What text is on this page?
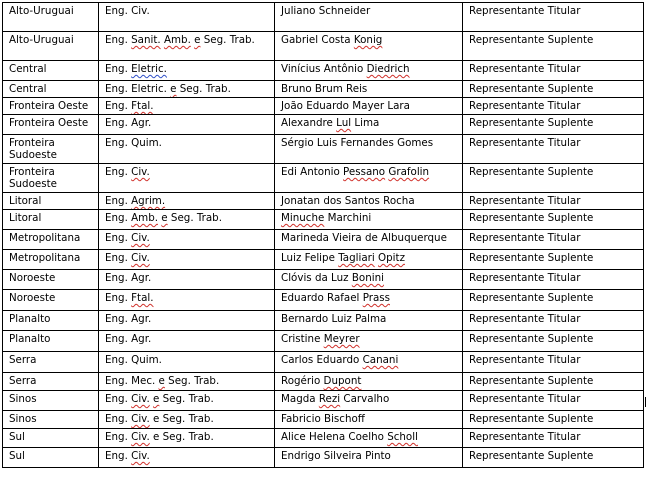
Alto-Uruguai	Eng. Civ.	Juliano Schneider	Representante Titular
Alto-Uruguai	Eng. Sanit. Amb. e Seg. Trab.	Gabriel Costa Konig	Representante Suplente
Central	Eng. Eletric.	Vinícius Antônio Diedrich	Representante Titular
Central	Eng. Eletric. e Seg. Trab.	Bruno Brum Reis	Representante Suplente
Fronteira Oeste	Eng. Ftal.	João Eduardo Mayer Lara	Representante Titular
Fronteira Oeste	Eng. Agr.	Alexandre Lul Lima	Representante Suplente
Fronteira Sudoeste	Eng. Quim.	Sérgio Luis Fernandes Gomes	Representante Titular
Fronteira Sudoeste	Eng. Civ.	Edi Antonio Pessano Grafolin	Representante Suplente
Litoral	Eng. Agrim.	Jonatan dos Santos Rocha	Representante Titular
Litoral	Eng. Amb. e Seg. Trab.	Minuche Marchini	Representante Suplente
Metropolitana	Eng. Civ.	Marineda Vieira de Albuquerque	Representante Titular
Metropolitana	Eng. Civ.	Luiz Felipe Tagliari Opitz	Representante Suplente
Noroeste	Eng. Agr.	Clóvis da Luz Bonini	Representante Titular
Noroeste	Eng. Ftal.	Eduardo Rafael Prass	Representante Suplente
Planalto	Eng. Agr.	Bernardo Luiz Palma	Representante Titular
Planalto	Eng. Agr.	Cristine Meyrer	Representante Suplente
Serra	Eng. Quim.	Carlos Eduardo Canani	Representante Titular
Serra	Eng. Mec. e Seg. Trab.	Rogério Dupont	Representante Suplente
Sinos	Eng. Civ. e Seg. Trab.	Magda Rezi Carvalho	Representante Titular
Sinos	Eng. Civ. e Seg. Trab.	Fabricio Bischoff	Representante Suplente
Sul	Eng. Civ. e Seg. Trab.	Alice Helena Coelho Scholl	Representante Titular
Sul	Eng. Civ.	Endrigo Silveira Pinto	Representante Suplente
